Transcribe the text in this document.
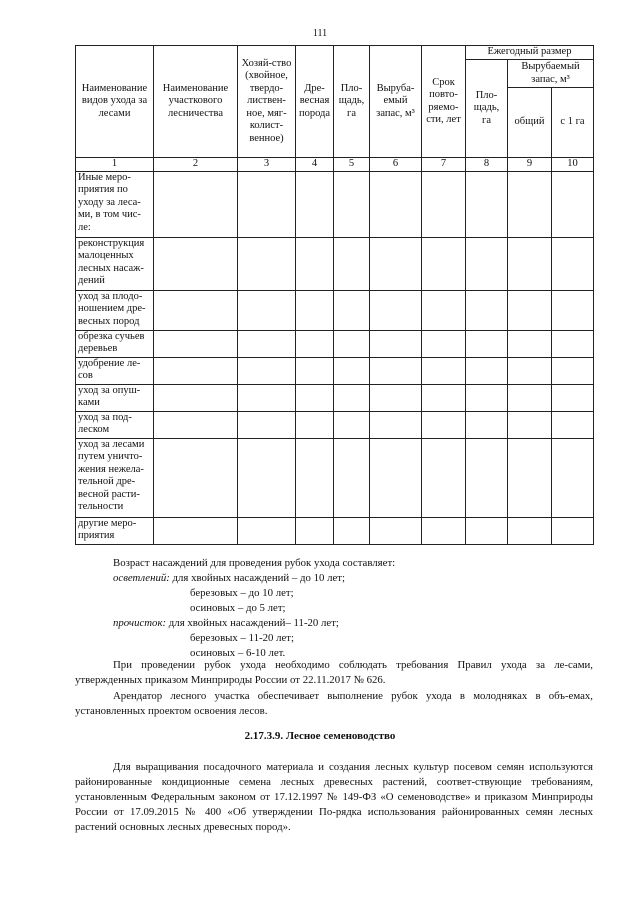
111
Наименование видов ухода за лесами	Наименование участкового лесничества	Хозяй-ство (хвойное, твердо-листвен-ное, мяг-колист-венное)	Дре-весная порода	Пло-щадь, га	Выруба-емый запас, м³	Срок повто-ряемо-сти, лет	Ежегодный размер		
							Пло-щадь, га	Вырубаемый запас, м³	
								общий	с 1 га
1	2	3	4	5	6	7	8	9	10
Иные меро-приятия по уходу за леса-ми, в том чис-ле:									
реконструкция малоценных лесных насаж-дений									
уход за плодо-ношением дре-весных пород									
обрезка сучьев деревьев									
удобрение ле-сов									
уход за опуш-ками									
уход за под-леском									
уход за лесами путем уничто-жения нежела-тельной дре-весной расти-тельности									
другие меро-приятия									
Возраст насаждений для проведения рубок ухода составляет:
осветлений: для хвойных насаждений – до 10 лет;
березовых – до 10 лет;
осиновых – до 5 лет;
прочисток: для хвойных насаждений– 11-20 лет;
березовых – 11-20 лет;
осиновых – 6-10 лет.

При проведении рубок ухода необходимо соблюдать требования Правил ухода за ле-сами, утвержденных приказом Минприроды России от 22.11.2017 № 626.

Арендатор лесного участка обеспечивает выполнение рубок ухода в молодняках в объ-емах, установленных проектом освоения лесов.

2.17.3.9. Лесное семеноводство

Для выращивания посадочного материала и создания лесных культур посевом семян используются районированные кондиционные семена лесных древесных растений, соответ-ствующие требованиям, установленным Федеральным законом от 17.12.1997 № 149-ФЗ «О семеноводстве» и приказом Минприроды России от 17.09.2015 № 400 «Об утверждении По-рядка использования районированных семян лесных растений основных лесных древесных пород».
